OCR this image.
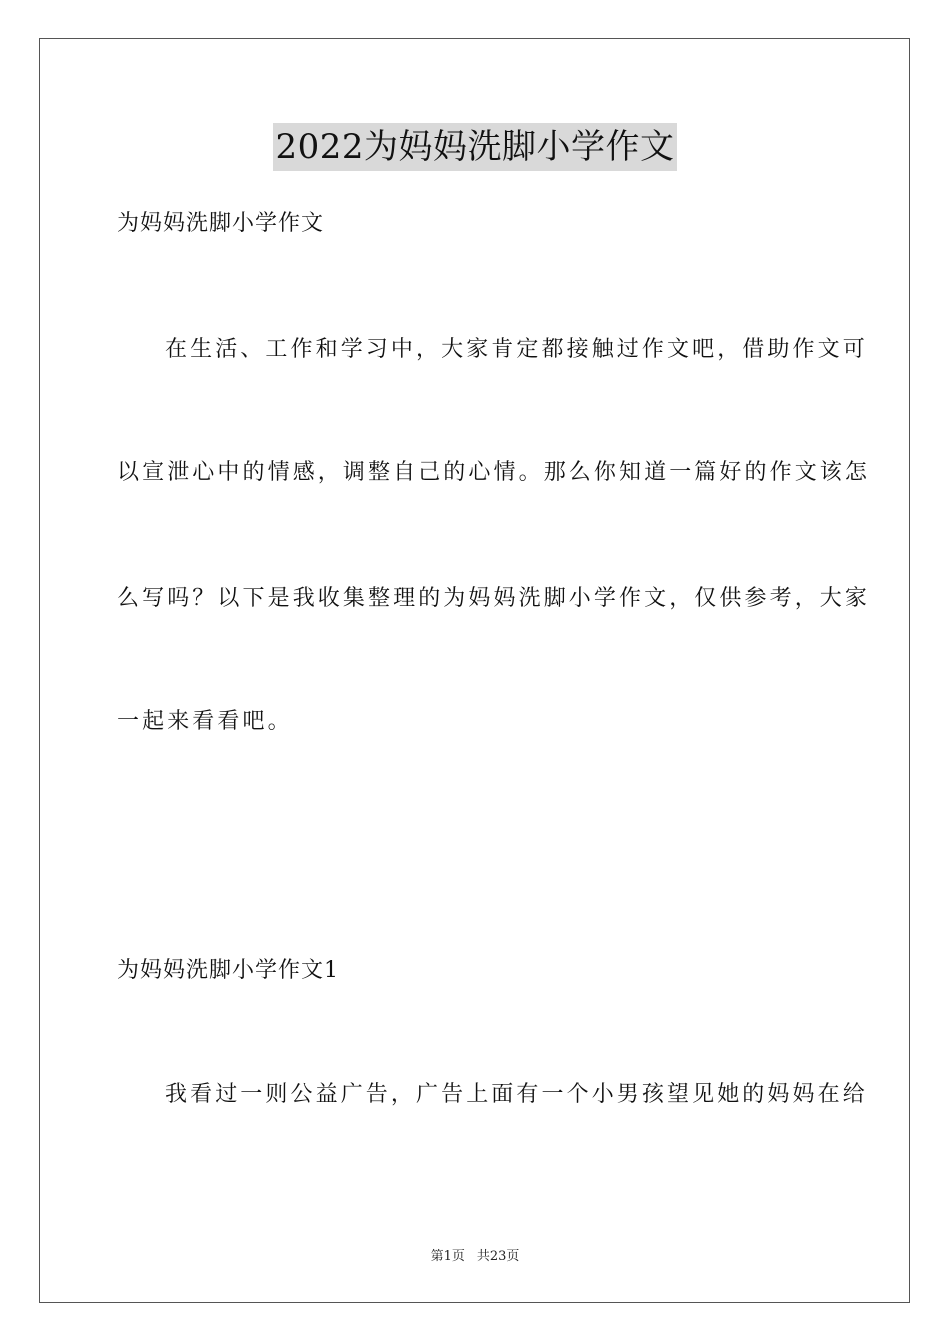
2022为妈妈洗脚小学作文
为妈妈洗脚小学作文
在生活、工作和学习中，大家肯定都接触过作文吧，借助作文可
以宣泄心中的情感，调整自己的心情。那么你知道一篇好的作文该怎
么写吗？以下是我收集整理的为妈妈洗脚小学作文，仅供参考，大家
一起来看看吧。
为妈妈洗脚小学作文1
我看过一则公益广告，广告上面有一个小男孩望见她的妈妈在给
第1页 共23页
